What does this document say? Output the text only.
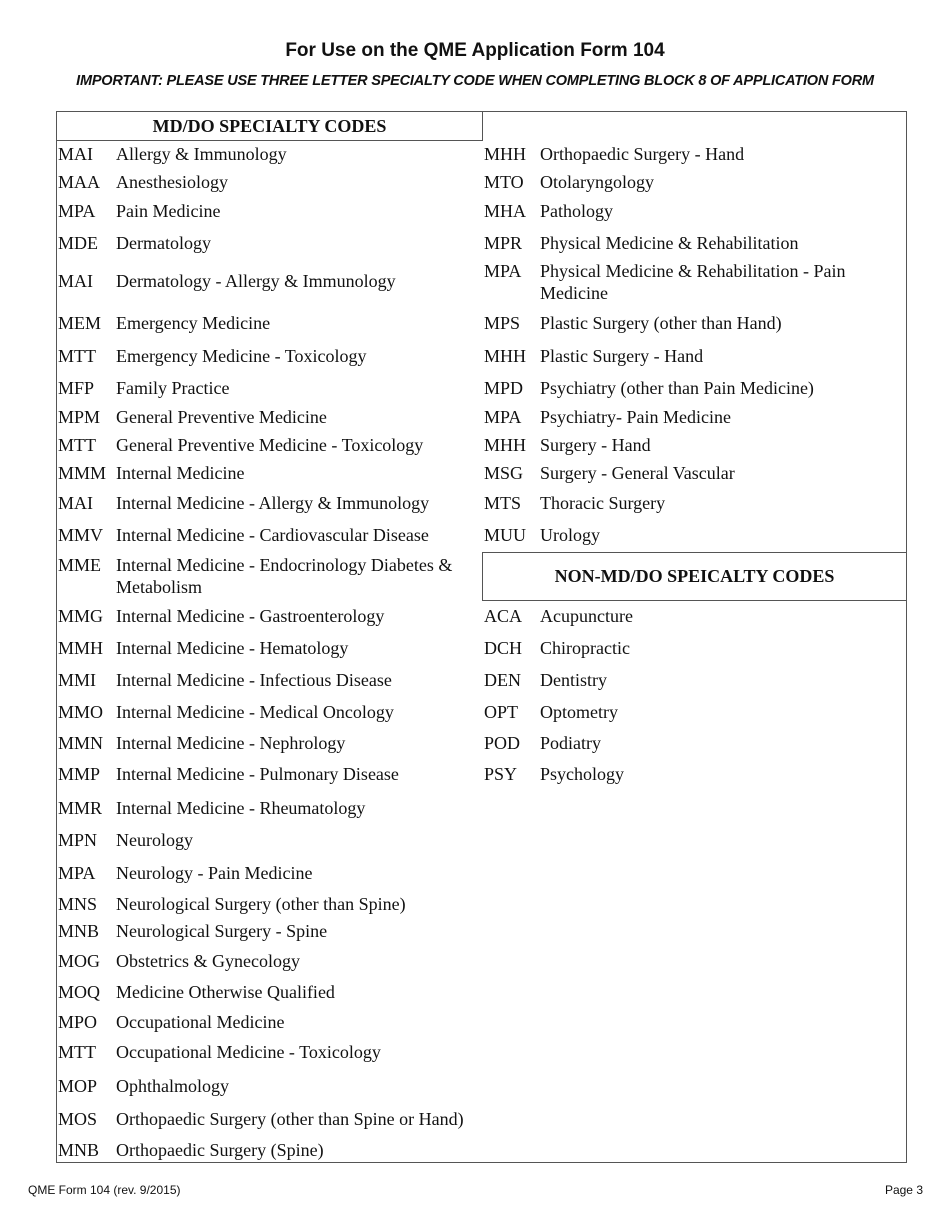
For Use on the QME Application Form 104
IMPORTANT: PLEASE USE THREE LETTER SPECIALTY CODE WHEN COMPLETING BLOCK 8 OF APPLICATION FORM
MD/DO SPECIALTY CODES
NON-MD/DO SPEICALTY CODES
MAI Allergy & Immunology
MAA Anesthesiology
MPA Pain Medicine
MDE Dermatology
MAI Dermatology - Allergy & Immunology
MEM Emergency Medicine
MTT Emergency Medicine - Toxicology
MFP Family Practice
MPM General Preventive Medicine
MTT General Preventive Medicine - Toxicology
MMM Internal Medicine
MAI Internal Medicine - Allergy & Immunology
MMV Internal Medicine - Cardiovascular Disease
MME Internal Medicine - Endocrinology Diabetes & Metabolism
MMG Internal Medicine - Gastroenterology
MMH Internal Medicine - Hematology
MMI Internal Medicine - Infectious Disease
MMO Internal Medicine - Medical Oncology
MMN Internal Medicine - Nephrology
MMP Internal Medicine - Pulmonary Disease
MMR Internal Medicine - Rheumatology
MPN Neurology
MPA Neurology - Pain Medicine
MNS Neurological Surgery (other than Spine)
MNB Neurological Surgery - Spine
MOG Obstetrics & Gynecology
MOQ Medicine Otherwise Qualified
MPO Occupational Medicine
MTT Occupational Medicine - Toxicology
MOP Ophthalmology
MOS Orthopaedic Surgery (other than Spine or Hand)
MNB Orthopaedic Surgery (Spine)
MHH Orthopaedic Surgery - Hand
MTO Otolaryngology
MHA Pathology
MPR Physical Medicine & Rehabilitation
MPA Physical Medicine & Rehabilitation - Pain Medicine
MPS Plastic Surgery (other than Hand)
MHH Plastic Surgery - Hand
MPD Psychiatry (other than Pain Medicine)
MPA Psychiatry- Pain Medicine
MHH Surgery - Hand
MSG Surgery - General Vascular
MTS Thoracic Surgery
MUU Urology
ACA Acupuncture
DCH Chiropractic
DEN Dentistry
OPT Optometry
POD Podiatry
PSY Psychology
QME Form 104 (rev. 9/2015)	Page 3
